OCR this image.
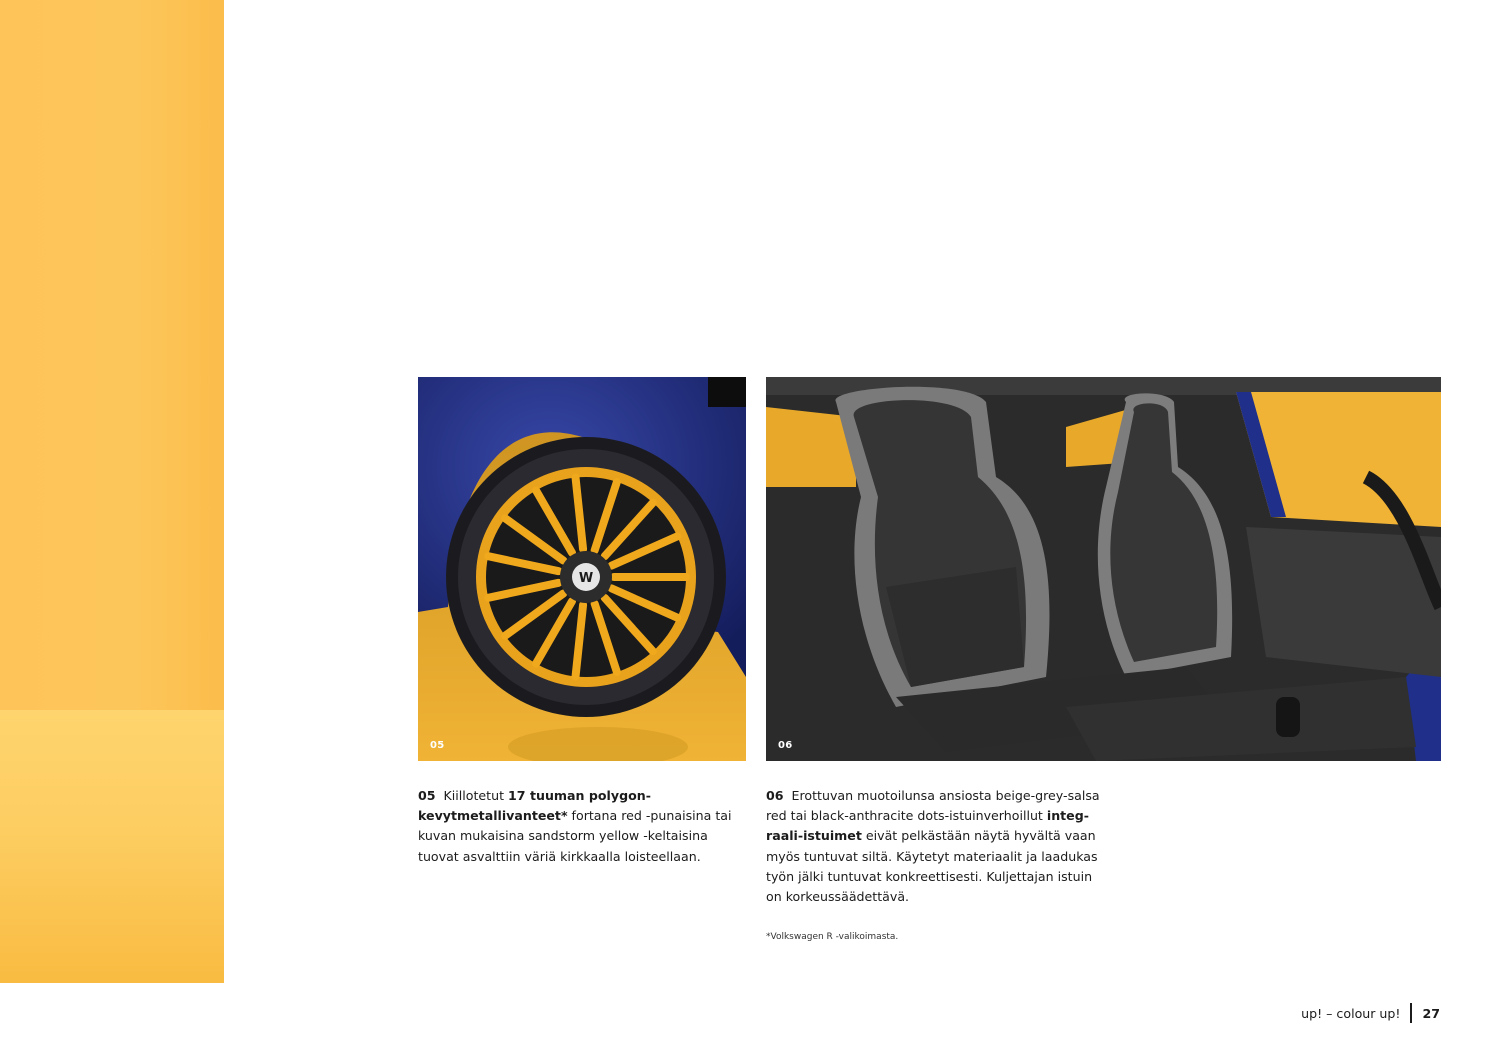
W
05	06
05 Kiillotetut 17 tuuman polygon-kevytmetallivanteet* fortana red -punaisina tai kuvan mukaisina sandstorm yellow -keltaisina tuovat asvalttiin väriä kirkkaalla loisteellaan.
06 Erottuvan muotoilunsa ansiosta beige-grey-salsa red tai black-anthracite dots-istuinverhoillut integraali-istuimet eivät pelkästään näytä hyvältä vaan myös tuntuvat siltä. Käytetyt materiaalit ja laadukas työn jälki tuntuvat konkreettisesti. Kuljettajan istuin on korkeussäädettävä.
*Volkswagen R -valikoimasta.
up! – colour up! 27
